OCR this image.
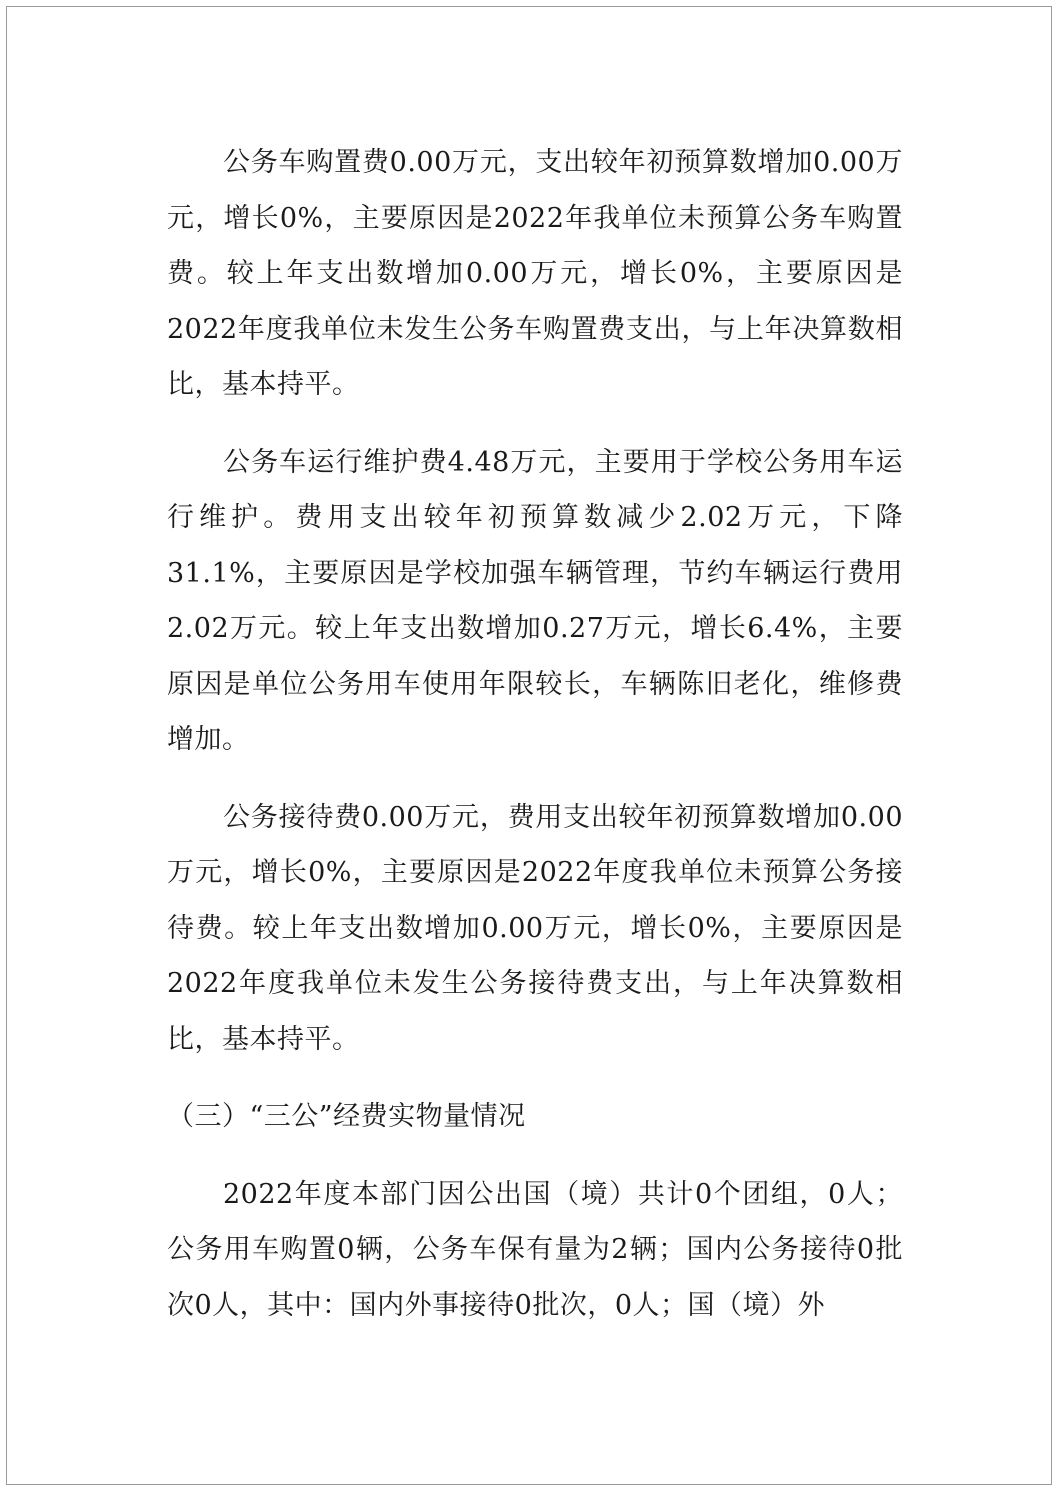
公务车购置费0.00万元，支出较年初预算数增加0.00万元，增长0%，主要原因是2022年我单位未预算公务车购置费。较上年支出数增加0.00万元，增长0%，主要原因是2022年度我单位未发生公务车购置费支出，与上年决算数相比，基本持平。

公务车运行维护费4.48万元，主要用于学校公务用车运行维护。费用支出较年初预算数减少2.02万元，下降31.1%，主要原因是学校加强车辆管理，节约车辆运行费用2.02万元。较上年支出数增加0.27万元，增长6.4%，主要原因是单位公务用车使用年限较长，车辆陈旧老化，维修费增加。

公务接待费0.00万元，费用支出较年初预算数增加0.00万元，增长0%，主要原因是2022年度我单位未预算公务接待费。较上年支出数增加0.00万元，增长0%，主要原因是2022年度我单位未发生公务接待费支出，与上年决算数相比，基本持平。

（三）“三公”经费实物量情况

2022年度本部门因公出国（境）共计0个团组，0人；公务用车购置0辆，公务车保有量为2辆；国内公务接待0批次0人，其中：国内外事接待0批次，0人；国（境）外
